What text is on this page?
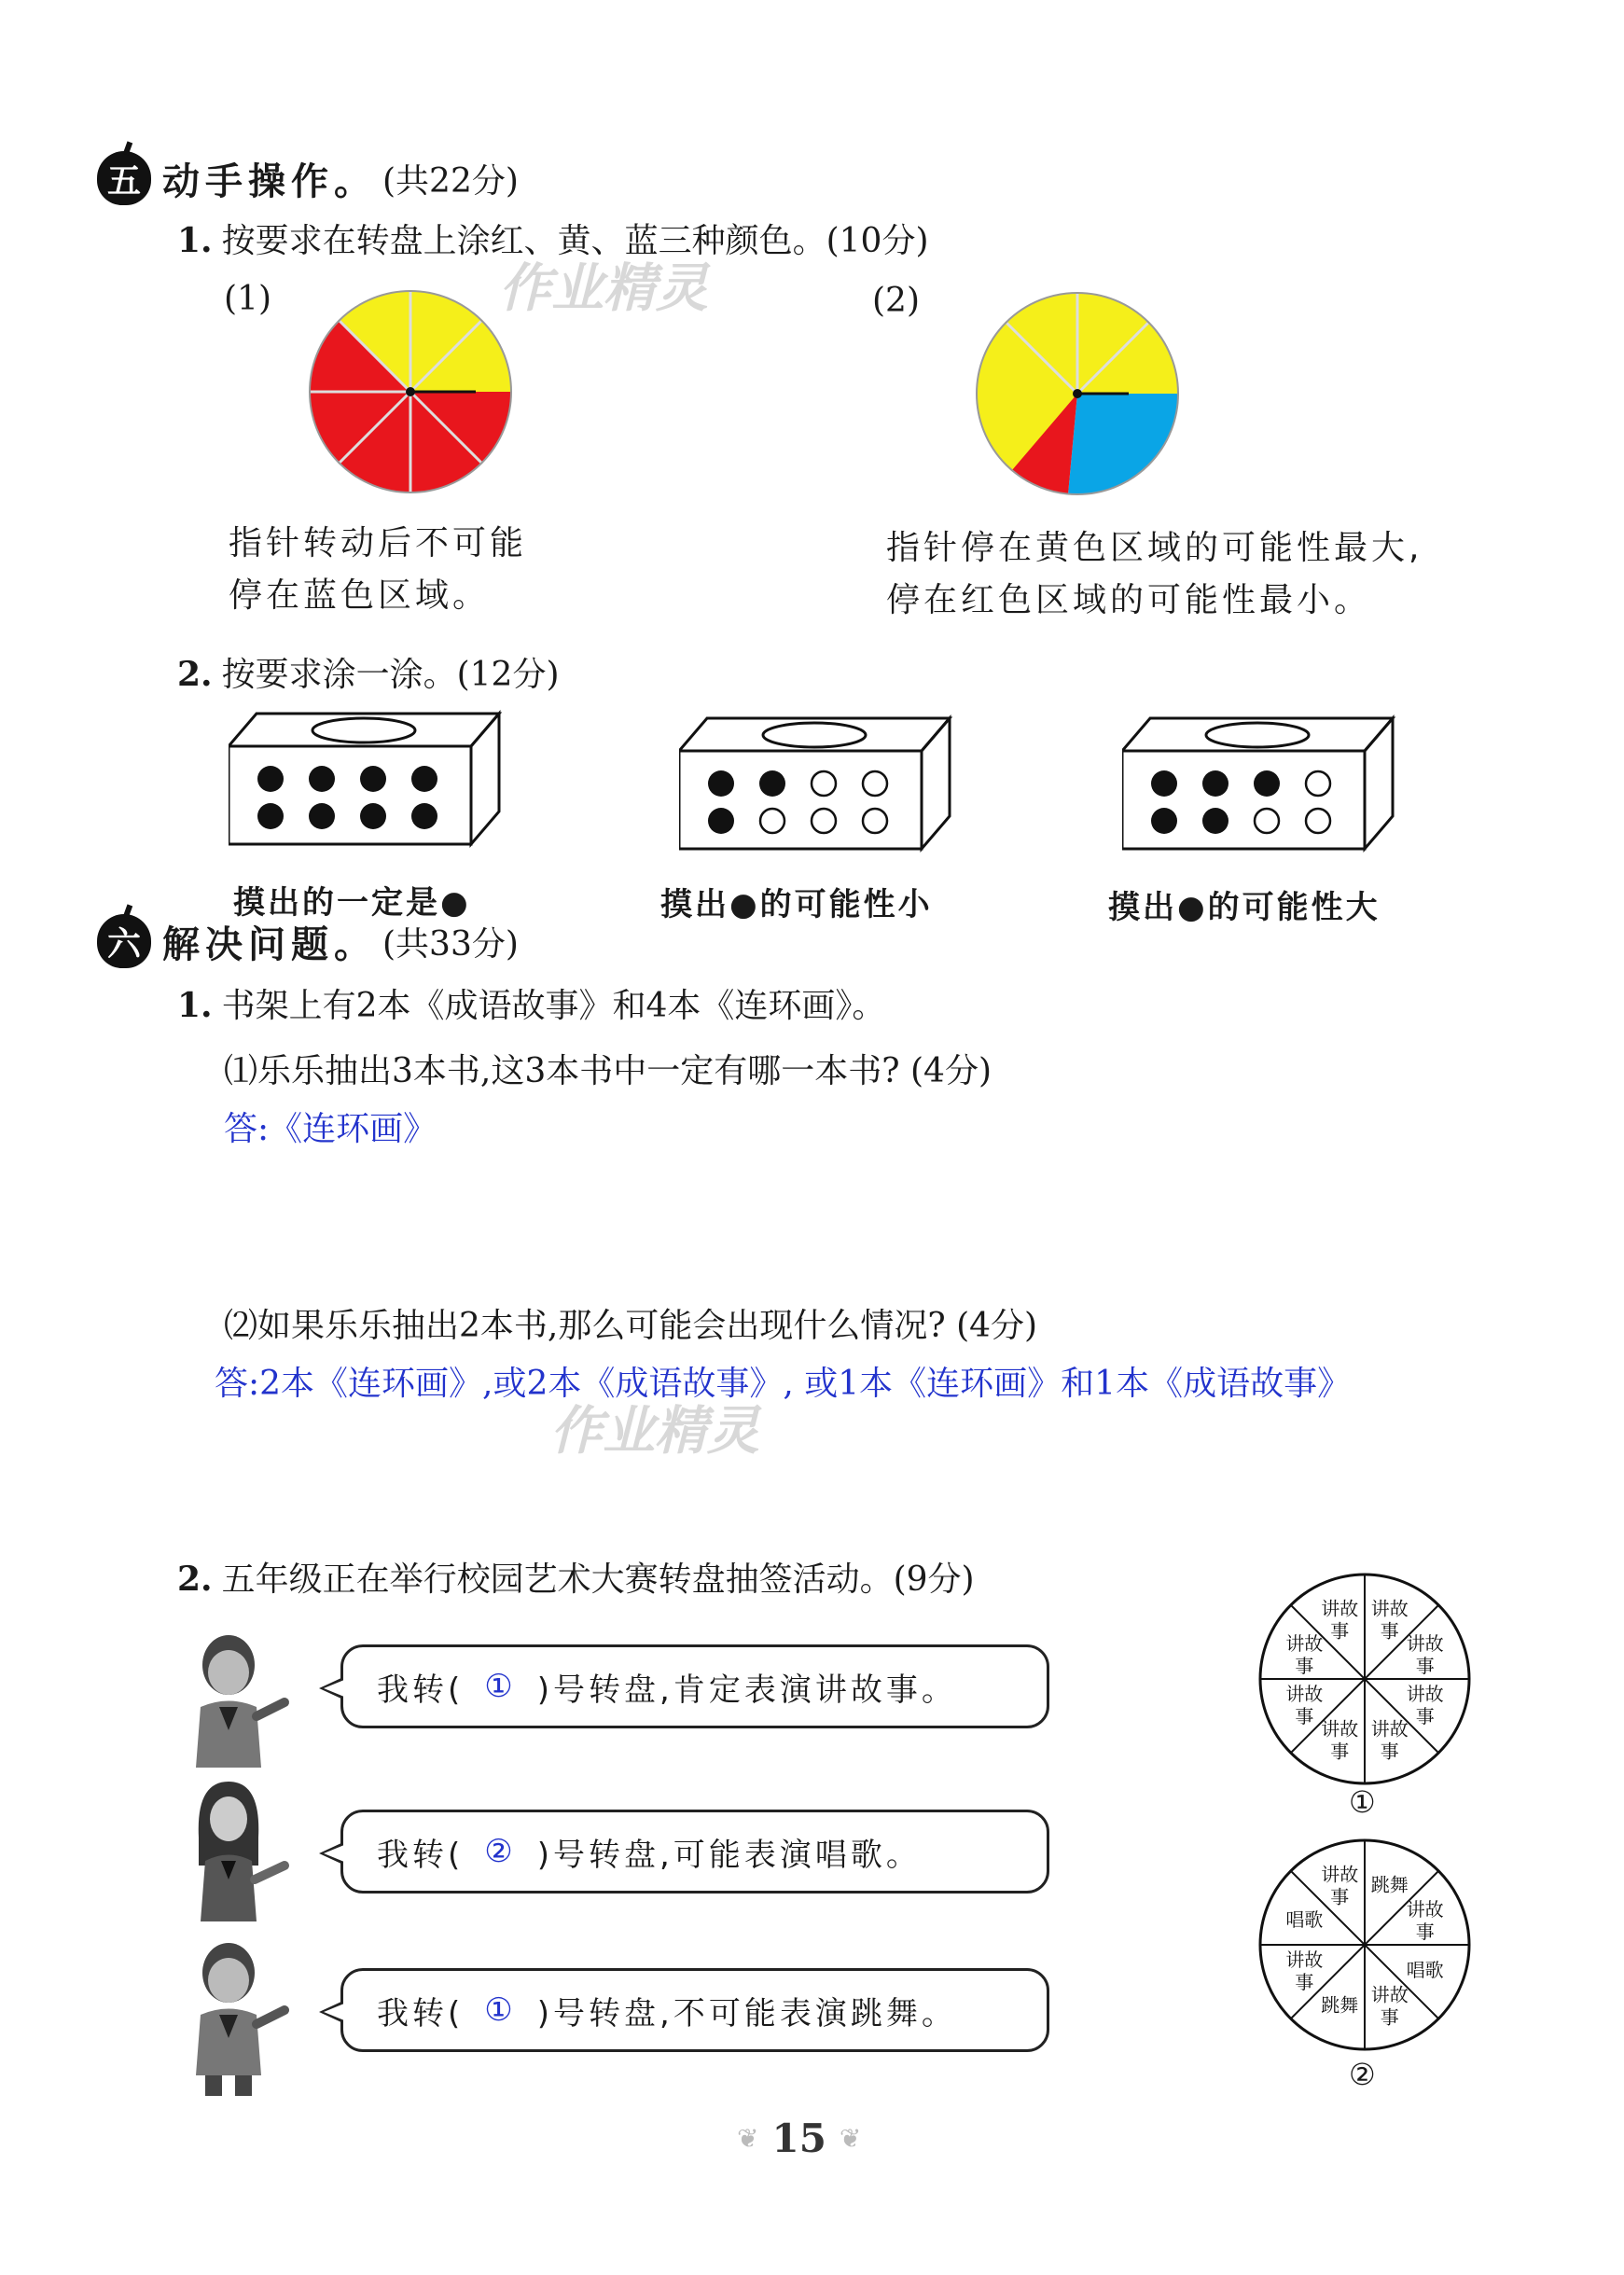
五 动手操作。 (共22分)
1. 按要求在转盘上涂红、黄、蓝三种颜色。(10分)
作业精灵
(1)	(2)
指针转动后不可能
停在蓝色区域。
指针停在黄色区域的可能性最大,
停在红色区域的可能性最小。
2. 按要求涂一涂。(12分)
摸出的一定是●	摸出●的可能性小	摸出●的可能性大
六 解决问题。 (共33分)
1. 书架上有2本《成语故事》和4本《连环画》。
⑴乐乐抽出3本书,这3本书中一定有哪一本书? (4分)
答:《连环画》
⑵如果乐乐抽出2本书,那么可能会出现什么情况? (4分)
答:2本《连环画》,或2本《成语故事》, 或1本《连环画》和1本《成语故事》
作业精灵
2. 五年级正在举行校园艺术大赛转盘抽签活动。(9分)
我转( ① )号转盘,肯定表演讲故事。
我转( ② )号转盘,可能表演唱歌。
我转( ① )号转盘,不可能表演跳舞。
讲故事
讲故事
讲故事
讲故事
讲故事
讲故事
讲故事
讲故事
①
跳舞
讲故事
唱歌
讲故事
跳舞
讲故事
唱歌
讲故事
②
❦ 15 ❦
